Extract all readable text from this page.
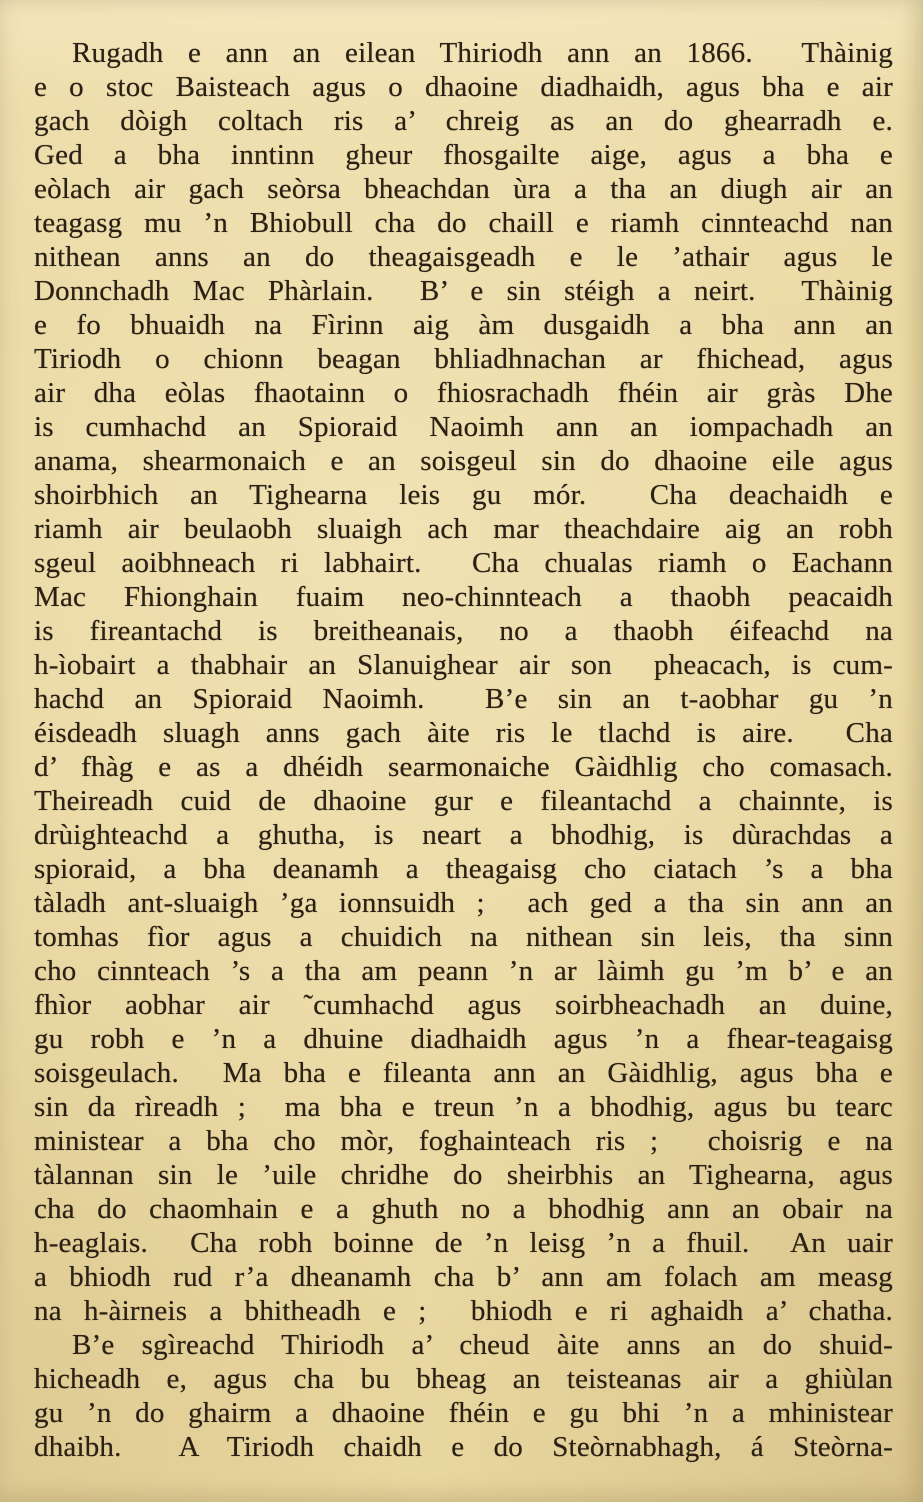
Rugadh e ann an eilean Thiriodh ann an 1866.  Thàinig
e o stoc Baisteach agus o dhaoine diadhaidh, agus bha e air
gach dòigh coltach ris a’ chreig as an do ghearradh e.
Ged a bha inntinn gheur fhosgailte aige, agus a bha e
eòlach air gach seòrsa bheachdan ùra a tha an diugh air an
teagasg mu ’n Bhiobull cha do chaill e riamh cinnteachd nan
nithean anns an do theagaisgeadh e le ’athair agus le
Donnchadh Mac Phàrlain.  B’ e sin stéigh a neirt.  Thàinig
e fo bhuaidh na Fìrinn aig àm dusgaidh a bha ann an
Tiriodh o chionn beagan bhliadhnachan ar fhichead, agus
air dha eòlas fhaotainn o fhiosrachadh fhéin air gràs Dhe
is cumhachd an Spioraid Naoimh ann an iompachadh an
anama, shearmonaich e an soisgeul sin do dhaoine eile agus
shoirbhich an Tighearna leis gu mór.  Cha deachaidh e
riamh air beulaobh sluaigh ach mar theachdaire aig an robh
sgeul aoibhneach ri labhairt.  Cha chualas riamh o Eachann
Mac Fhionghain fuaim neo-chinnteach a thaobh peacaidh
is fireantachd is breitheanais, no a thaobh éifeachd na
h-ìobairt a thabhair an Slanuighear air son  pheacach, is cum-
hachd an Spioraid Naoimh.  B’e sin an t-aobhar gu ’n
éisdeadh sluagh anns gach àite ris le tlachd is aire.  Cha
d’ fhàg e as a dhéidh searmonaiche Gàidhlig cho comasach.
Theireadh cuid de dhaoine gur e fileantachd a chainnte, is
drùighteachd a ghutha, is neart a bhodhig, is dùrachdas a
spioraid, a bha deanamh a theagaisg cho ciatach ’s a bha
tàladh ant-sluaigh ’ga ionnsuidh ;  ach ged a tha sin ann an
tomhas fìor agus a chuidich na nithean sin leis, tha sinn
cho cinnteach ’s a tha am peann ’n ar làimh gu ’m b’ e an
fhìor aobhar air ˜cumhachd agus soirbheachadh an duine,
gu robh e ’n a dhuine diadhaidh agus ’n a fhear-teagaisg
soisgeulach.  Ma bha e fileanta ann an Gàidhlig, agus bha e
sin da rìreadh ;  ma bha e treun ’n a bhodhig, agus bu tearc
ministear a bha cho mòr, foghainteach ris ;  choisrig e na
tàlannan sin le ’uile chridhe do sheirbhis an Tighearna, agus
cha do chaomhain e a ghuth no a bhodhig ann an obair na
h-eaglais.  Cha robh boinne de ’n leisg ’n a fhuil.  An uair
a bhiodh rud r’a dheanamh cha b’ ann am folach am measg
na h-àirneis a bhitheadh e ;  bhiodh e ri aghaidh a’ chatha.
B’e sgìreachd Thiriodh a’ cheud àite anns an do shuid-
hicheadh e, agus cha bu bheag an teisteanas air a ghiùlan
gu ’n do ghairm a dhaoine fhéin e gu bhi ’n a mhinistear
dhaibh.  A Tiriodh chaidh e do Steòrnabhagh, á Steòrna-
